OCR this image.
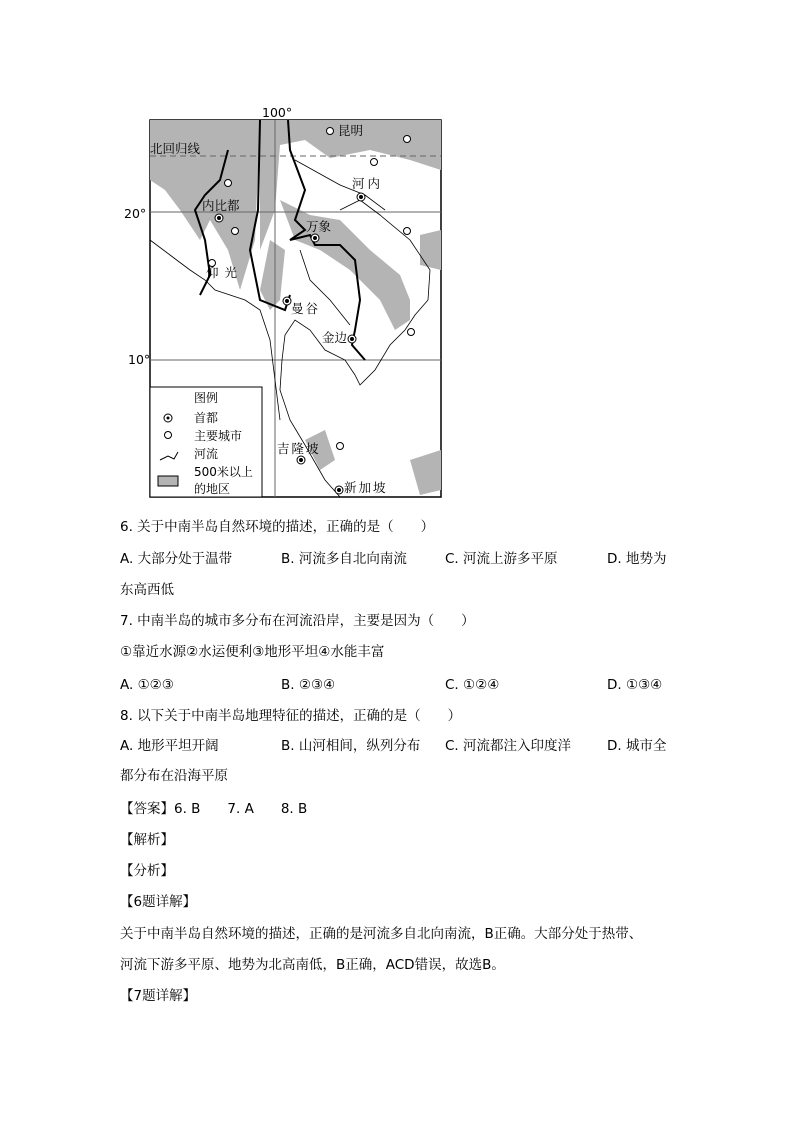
100°
20°
10°
北回归线
昆明
河内
内比都
万象
仰光
曼谷
金边
吉隆坡
新加坡
图例
首都
主要城市
河流
500米以上
的地区
6. 关于中南半岛自然环境的描述，正确的是（　　）
A. 大部分处于温带	B. 河流多自北向南流	C. 河流上游多平原	D. 地势为
东高西低
7. 中南半岛的城市多分布在河流沿岸，主要是因为（　　）
①靠近水源②水运便利③地形平坦④水能丰富
A. ①②③	B. ②③④	C. ①②④	D. ①③④
8. 以下关于中南半岛地理特征的描述，正确的是（　　）
A. 地形平坦开阔	B. 山河相间，纵列分布 C. 河流都注入印度洋	D. 城市全
都分布在沿海平原
【答案】6. B　　7. A　　8. B
【解析】
【分析】
【6题详解】
关于中南半岛自然环境的描述，正确的是河流多自北向南流，B正确。大部分处于热带、
河流下游多平原、地势为北高南低，B正确，ACD错误，故选B。
【7题详解】
